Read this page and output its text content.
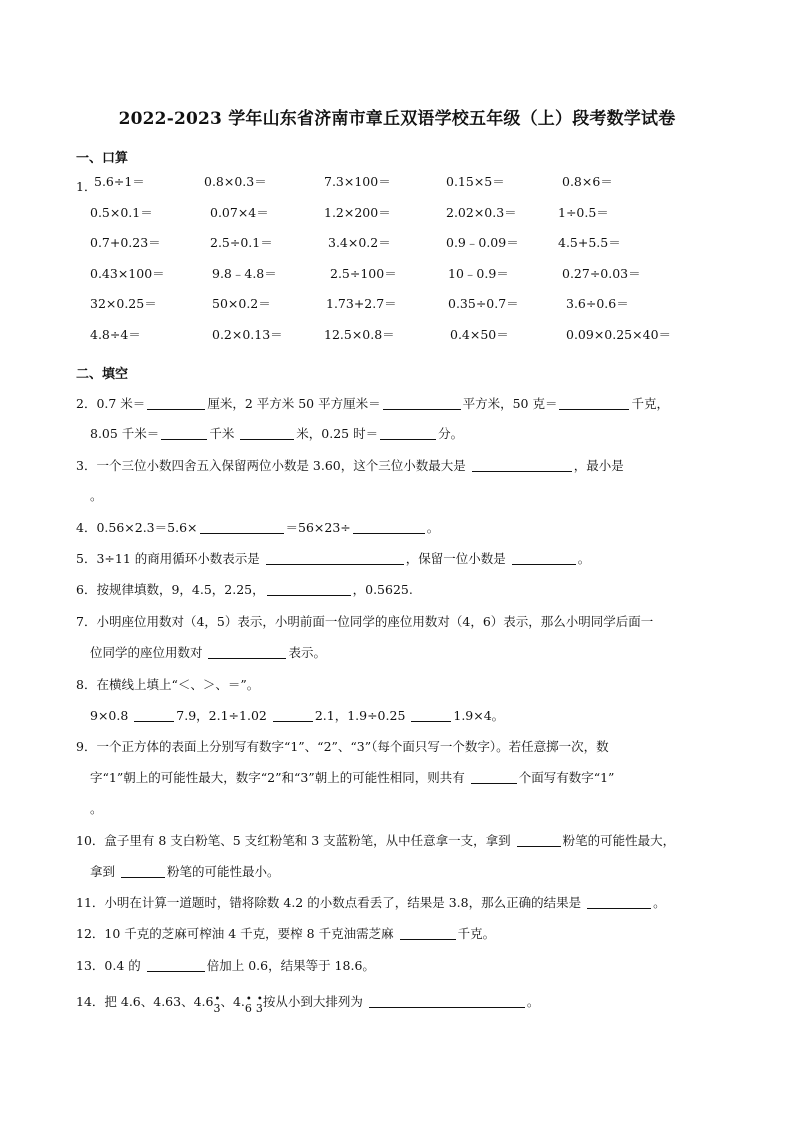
2022-2023 学年山东省济南市章丘双语学校五年级（上）段考数学试卷
一、口算
1．
5.6÷1＝	0.8×0.3＝	7.3×100＝	0.15×5＝	0.8×6＝
0.5×0.1＝	0.07×4＝	1.2×200＝	2.02×0.3＝	1÷0.5＝
0.7+0.23＝	2.5÷0.1＝	3.4×0.2＝	0.9﹣0.09＝	4.5+5.5＝
0.43×100＝	9.8﹣4.8＝	2.5÷100＝	10﹣0.9＝	0.27÷0.03＝
32×0.25＝	50×0.2＝	1.73+2.7＝	0.35÷0.7＝	3.6÷0.6＝
4.8÷4＝	0.2×0.13＝	12.5×0.8＝	0.4×50＝	0.09×0.25×40＝
二、填空
2．0.7 米＝	厘米，2 平方米 50 平方厘米＝	平方米，50 克＝	千克，
8.05 千米＝	千米	米，0.25 时＝	分。
3．一个三位小数四舍五入保留两位小数是 3.60，这个三位小数最大是	，最小是
。
4．0.56×2.3＝5.6×	＝56×23÷	。
5．3÷11 的商用循环小数表示是	，保留一位小数是	。
6．按规律填数，9，4.5，2.25，	，0.5625.
7．小明座位用数对（4，5）表示，小明前面一位同学的座位用数对（4，6）表示，那么小明同学后面一
位同学的座位用数对	表示。
8．在横线上填上“＜、＞、＝”。
9×0.8	7.9，2.1÷1.02	2.1，1.9÷0.25	1.9×4。
9．一个正方体的表面上分别写有数字“1”、“2”、“3”（每个面只写一个数字）。若任意掷一次，数
字“1”朝上的可能性最大，数字“2”和“3”朝上的可能性相同，则共有	个面写有数字“1”
。
10．盒子里有 8 支白粉笔、5 支红粉笔和 3 支蓝粉笔，从中任意拿一支，拿到	粉笔的可能性最大，
拿到	粉笔的可能性最小。
11．小明在计算一道题时，错将除数 4.2 的小数点看丢了，结果是 3.8，那么正确的结果是	。
12．10 千克的芝麻可榨油 4 千克，要榨 8 千克油需芝麻	千克。
13．0.4 的	倍加上 0.6，结果等于 18.6。
14．把 4.6、4.63、4.6 •
3、4. •
6
•
3按从小到大排列为	。
